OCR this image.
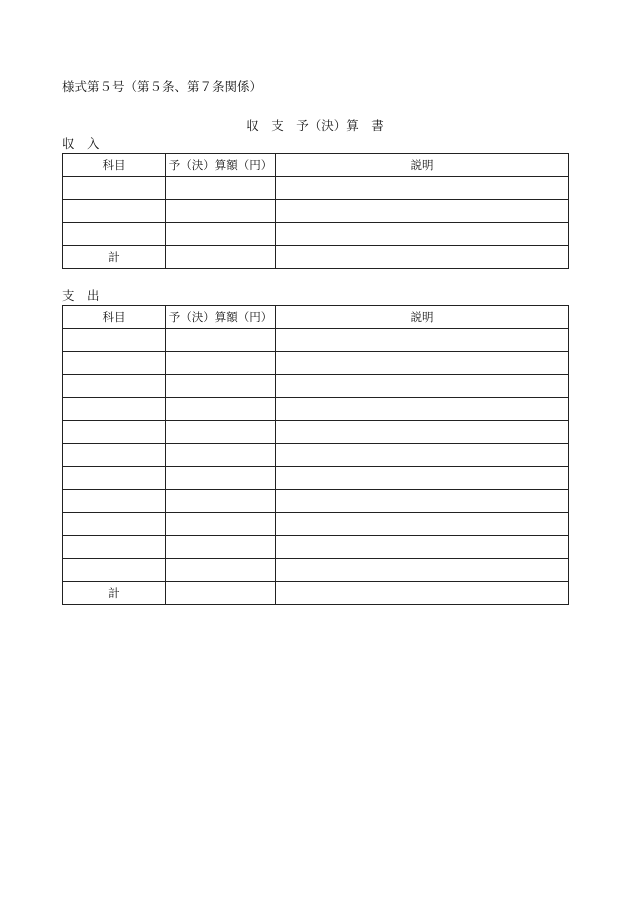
様式第５号（第５条、第７条関係）
収　支　予（決）算　書
収　入
科目	予（決）算額（円）	説明

計		
支　出
科目	予（決）算額（円）	説明

計		
